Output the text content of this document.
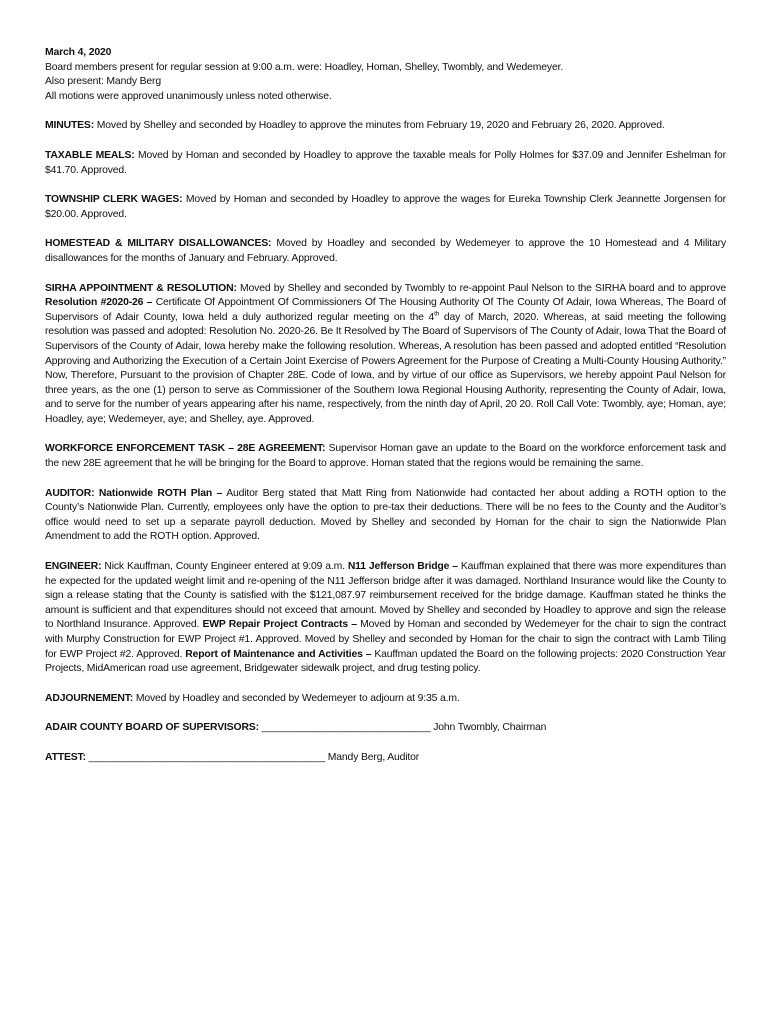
March 4, 2020

Board members present for regular session at 9:00 a.m. were: Hoadley, Homan, Shelley, Twombly, and Wedemeyer.

Also present: Mandy Berg

All motions were approved unanimously unless noted otherwise.

MINUTES: Moved by Shelley and seconded by Hoadley to approve the minutes from February 19, 2020 and February 26, 2020. Approved.

TAXABLE MEALS: Moved by Homan and seconded by Hoadley to approve the taxable meals for Polly Holmes for $37.09 and Jennifer Eshelman for $41.70. Approved.

TOWNSHIP CLERK WAGES: Moved by Homan and seconded by Hoadley to approve the wages for Eureka Township Clerk Jeannette Jorgensen for $20.00. Approved.

HOMESTEAD & MILITARY DISALLOWANCES: Moved by Hoadley and seconded by Wedemeyer to approve the 10 Homestead and 4 Military disallowances for the months of January and February. Approved.

SIRHA APPOINTMENT & RESOLUTION: Moved by Shelley and seconded by Twombly to re-appoint Paul Nelson to the SIRHA board and to approve Resolution #2020-26 – Certificate Of Appointment Of Commissioners Of The Housing Authority Of The County Of Adair, Iowa Whereas, The Board of Supervisors of Adair County, Iowa held a duly authorized regular meeting on the 4th day of March, 2020. Whereas, at said meeting the following resolution was passed and adopted: Resolution No. 2020-26. Be It Resolved by The Board of Supervisors of The County of Adair, Iowa That the Board of Supervisors of the County of Adair, Iowa hereby make the following resolution. Whereas, A resolution has been passed and adopted entitled “Resolution Approving and Authorizing the Execution of a Certain Joint Exercise of Powers Agreement for the Purpose of Creating a Multi-County Housing Authority.” Now, Therefore, Pursuant to the provision of Chapter 28E. Code of Iowa, and by virtue of our office as Supervisors, we hereby appoint Paul Nelson for three years, as the one (1) person to serve as Commissioner of the Southern Iowa Regional Housing Authority, representing the County of Adair, Iowa, and to serve for the number of years appearing after his name, respectively, from the ninth day of April, 20 20. Roll Call Vote: Twombly, aye; Homan, aye; Hoadley, aye; Wedemeyer, aye; and Shelley, aye. Approved.

WORKFORCE ENFORCEMENT TASK – 28E AGREEMENT: Supervisor Homan gave an update to the Board on the workforce enforcement task and the new 28E agreement that he will be bringing for the Board to approve. Homan stated that the regions would be remaining the same.

AUDITOR: Nationwide ROTH Plan – Auditor Berg stated that Matt Ring from Nationwide had contacted her about adding a ROTH option to the County’s Nationwide Plan. Currently, employees only have the option to pre-tax their deductions. There will be no fees to the County and the Auditor’s office would need to set up a separate payroll deduction. Moved by Shelley and seconded by Homan for the chair to sign the Nationwide Plan Amendment to add the ROTH option. Approved.

ENGINEER: Nick Kauffman, County Engineer entered at 9:09 a.m. N11 Jefferson Bridge – Kauffman explained that there was more expenditures than he expected for the updated weight limit and re-opening of the N11 Jefferson bridge after it was damaged. Northland Insurance would like the County to sign a release stating that the County is satisfied with the $121,087.97 reimbursement received for the bridge damage. Kauffman stated he thinks the amount is sufficient and that expenditures should not exceed that amount. Moved by Shelley and seconded by Hoadley to approve and sign the release to Northland Insurance. Approved. EWP Repair Project Contracts – Moved by Homan and seconded by Wedemeyer for the chair to sign the contract with Murphy Construction for EWP Project #1. Approved. Moved by Shelley and seconded by Homan for the chair to sign the contract with Lamb Tiling for EWP Project #2. Approved. Report of Maintenance and Activities – Kauffman updated the Board on the following projects: 2020 Construction Year Projects, MidAmerican road use agreement, Bridgewater sidewalk project, and drug testing policy.

ADJOURNEMENT: Moved by Hoadley and seconded by Wedemeyer to adjourn at 9:35 a.m.

ADAIR COUNTY BOARD OF SUPERVISORS: ______________________________ John Twombly, Chairman

ATTEST: __________________________________________ Mandy Berg, Auditor
